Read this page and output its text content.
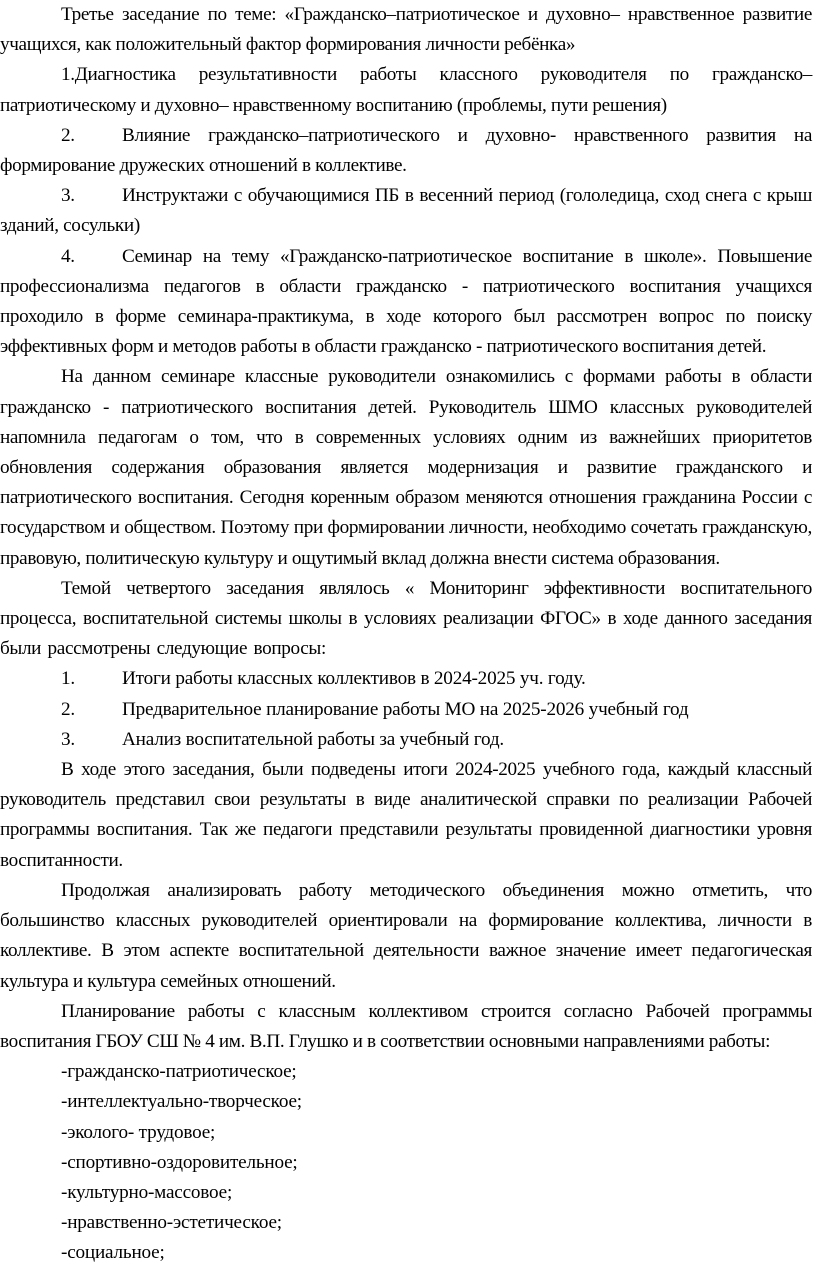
Третье заседание по теме: «Гражданско–патриотическое и духовно– нравственное развитие учащихся, как положительный фактор формирования личности ребёнка»

1.Диагностика результативности работы классного руководителя по гражданско–патриотическому и духовно– нравственному воспитанию (проблемы, пути решения)

2. Влияние гражданско–патриотического и духовно- нравственного развития на формирование дружеских отношений в коллективе.

3. Инструктажи с обучающимися ПБ в весенний период (гололедица, сход снега с крыш зданий, сосульки)

4. Семинар на тему «Гражданско-патриотическое воспитание в школе». Повышение профессионализма педагогов в области гражданско - патриотического воспитания учащихся проходило в форме семинара-практикума, в ходе которого был рассмотрен вопрос по поиску эффективных форм и методов работы в области гражданско - патриотического воспитания детей.

На данном семинаре классные руководители ознакомились с формами работы в области гражданско - патриотического воспитания детей. Руководитель ШМО классных руководителей напомнила педагогам о том, что в современных условиях одним из важнейших приоритетов обновления содержания образования является модернизация и развитие гражданского и патриотического воспитания. Сегодня коренным образом меняются отношения гражданина России с государством и обществом. Поэтому при формировании личности, необходимо сочетать гражданскую, правовую, политическую культуру и ощутимый вклад должна внести система образования.

Темой четвертого заседания являлось « Мониторинг эффективности воспитательного процесса, воспитательной системы школы в условиях реализации ФГОС» в ходе данного заседания были рассмотрены следующие вопросы:

1.	Итоги работы классных коллективов в 2024-2025 уч. году.
2.	Предварительное планирование работы МО на 2025-2026 учебный год
3.	Анализ воспитательной работы за учебный год.

В ходе этого заседания, были подведены итоги 2024-2025 учебного года, каждый классный руководитель представил свои результаты в виде аналитической справки по реализации Рабочей программы воспитания. Так же педагоги представили результаты провиденной диагностики уровня воспитанности.

Продолжая анализировать работу методического объединения можно отметить, что большинство классных руководителей ориентировали на формирование коллектива, личности в коллективе. В этом аспекте воспитательной деятельности важное значение имеет педагогическая культура и культура семейных отношений.

Планирование работы с классным коллективом строится согласно Рабочей программы воспитания ГБОУ СШ № 4 им. В.П. Глушко и в соответствии основными направлениями работы:

-гражданско-патриотическое;

-интеллектуально-творческое;

-эколого- трудовое;

-спортивно-оздоровительное;

-культурно-массовое;

-нравственно-эстетическое;

-социальное;
